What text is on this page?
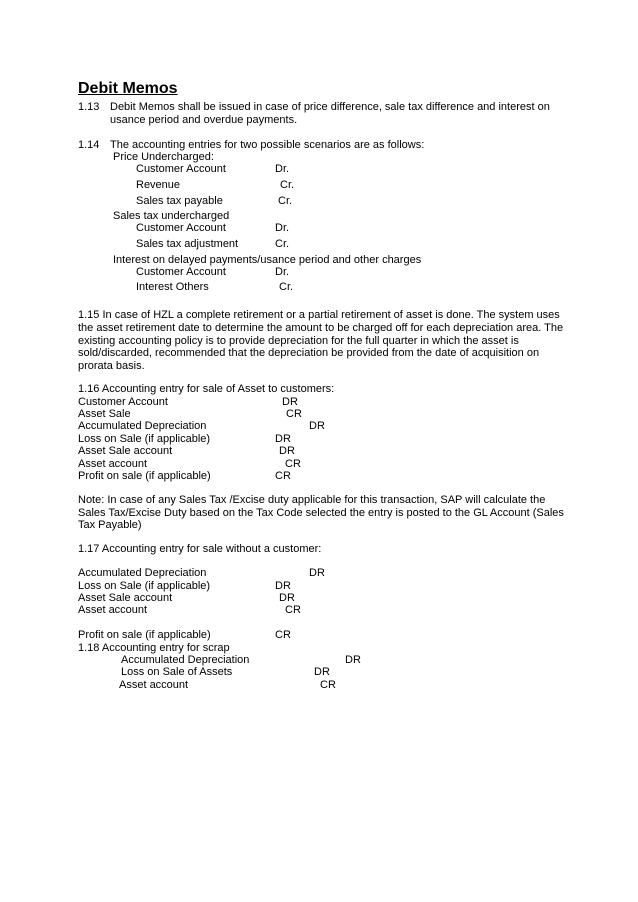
Debit Memos
1.13 Debit Memos shall be issued in case of price difference, sale tax difference and interest on
usance period and overdue payments.
1.14 The accounting entries for two possible scenarios are as follows:
Price Undercharged:
Customer Account	Dr.
Revenue	Cr.
Sales tax payable	Cr.
Sales tax undercharged
Customer Account	Dr.
Sales tax adjustment	Cr.
Interest on delayed payments/usance period and other charges
Customer Account	Dr.
Interest Others	Cr.
1.15 In case of HZL a complete retirement or a partial retirement of asset is done. The system uses
the asset retirement date to determine the amount to be charged off for each depreciation area. The
existing accounting policy is to provide depreciation for the full quarter in which the asset is
sold/discarded, recommended that the depreciation be provided from the date of acquisition on
prorata basis.
1.16 Accounting entry for sale of Asset to customers:
Customer Account	DR
Asset Sale	CR
Accumulated Depreciation	DR
Loss on Sale (if applicable)	DR
Asset Sale account	DR
Asset account	CR
Profit on sale (if applicable)	CR
Note: In case of any Sales Tax /Excise duty applicable for this transaction, SAP will calculate the
Sales Tax/Excise Duty based on the Tax Code selected the entry is posted to the GL Account (Sales
Tax Payable)
1.17 Accounting entry for sale without a customer:
Accumulated Depreciation	DR
Loss on Sale (if applicable)	DR
Asset Sale account	DR
Asset account	CR
Profit on sale (if applicable)	CR
1.18 Accounting entry for scrap
Accumulated Depreciation	DR
Loss on Sale of Assets	DR
Asset account	CR
